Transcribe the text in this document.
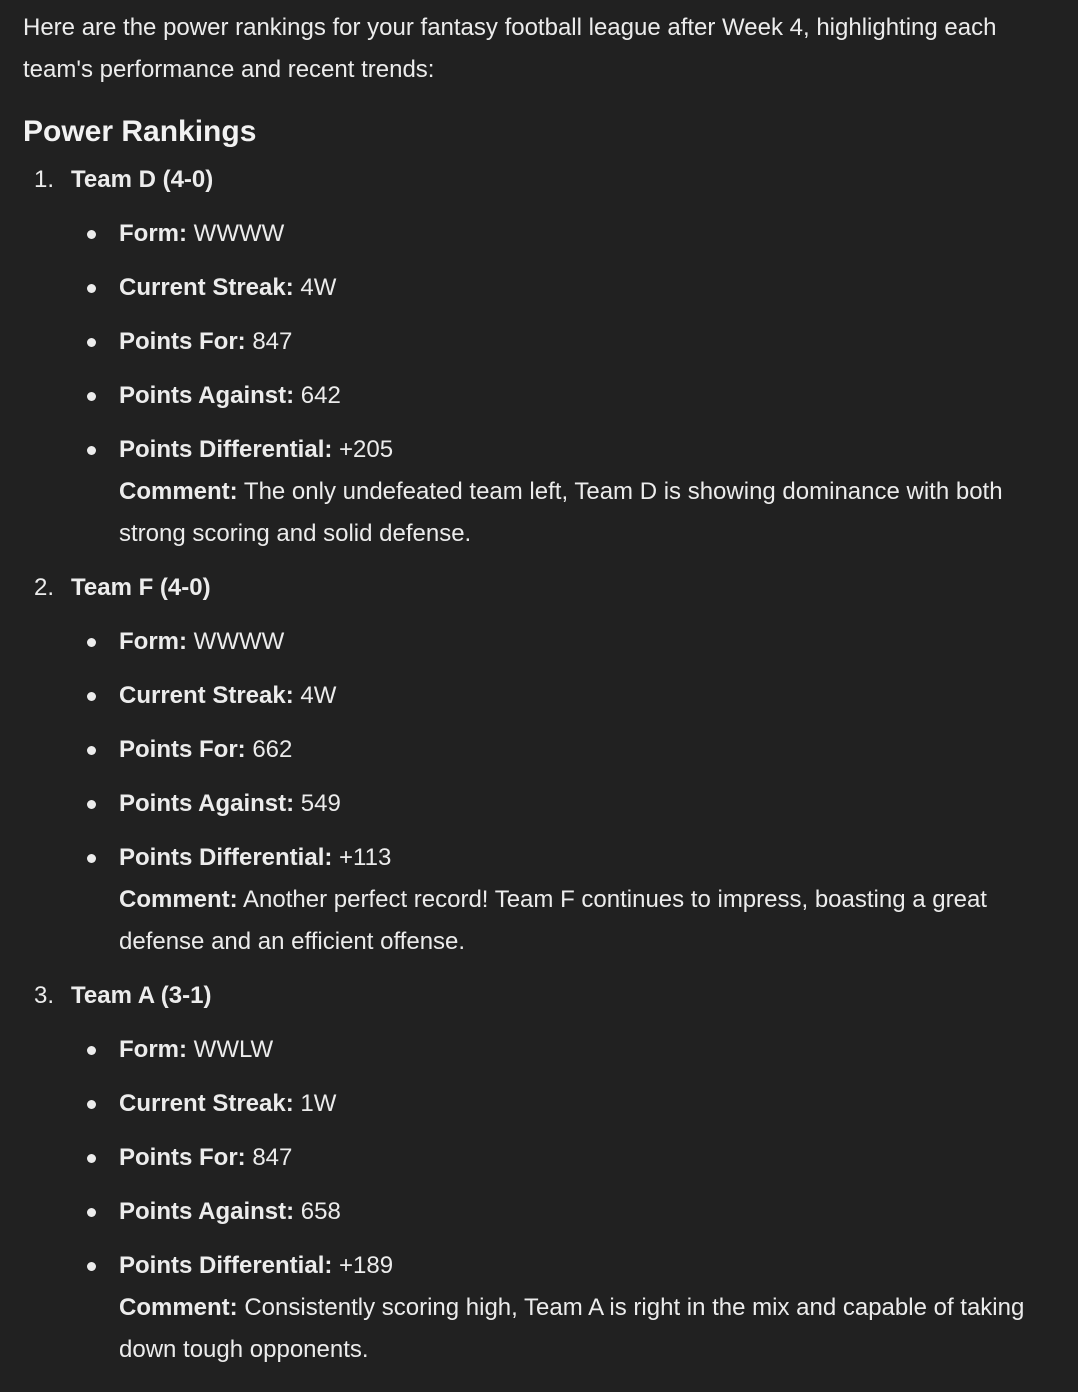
Here are the power rankings for your fantasy football league after Week 4, highlighting each team's performance and recent trends:

Power Rankings
1. Team D (4-0)
Form: WWWW
Current Streak: 4W
Points For: 847
Points Against: 642
Points Differential: +205

Comment: The only undefeated team left, Team D is showing dominance with both strong scoring and solid defense.

2. Team F (4-0)
Form: WWWW
Current Streak: 4W
Points For: 662
Points Against: 549
Points Differential: +113

Comment: Another perfect record! Team F continues to impress, boasting a great defense and an efficient offense.

3. Team A (3-1)
Form: WWLW
Current Streak: 1W
Points For: 847
Points Against: 658
Points Differential: +189

Comment: Consistently scoring high, Team A is right in the mix and capable of taking down tough opponents.
